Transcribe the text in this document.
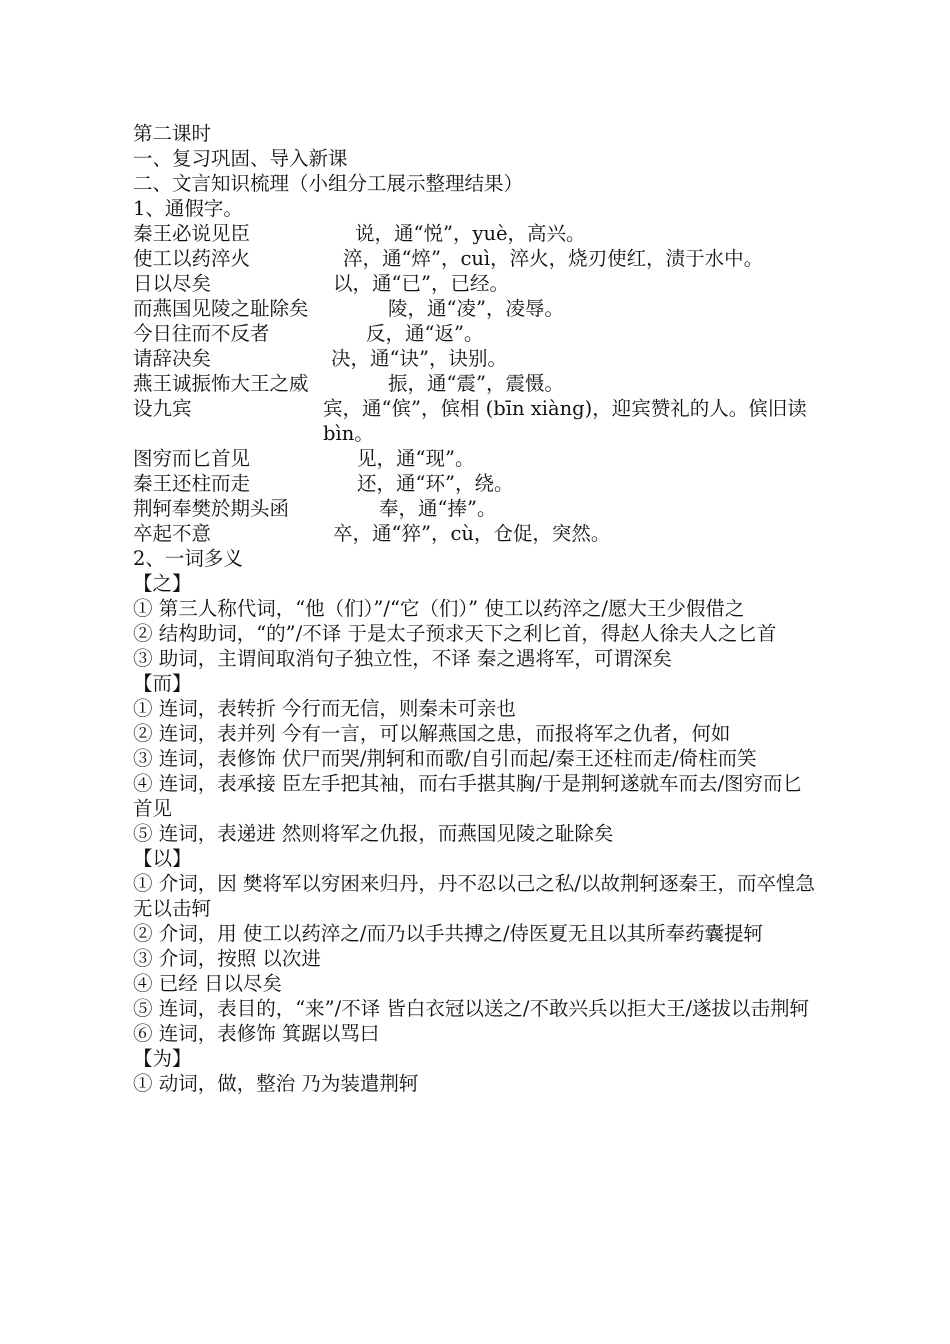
第二课时
一、复习巩固、导入新课
二、文言知识梳理（小组分工展示整理结果）
1、通假字。
秦王必说见臣	说，通“悦”，yuè，高兴。
使工以药淬火	淬，通“焠”，cuì，淬火，烧刃使红，渍于水中。
日以尽矣	以，通“已”，已经。
而燕国见陵之耻除矣	陵，通“凌”，凌辱。
今日往而不反者	反，通“返”。
请辞决矣	决，通“诀”，诀别。
燕王诚振怖大王之威	振，通“震”，震慑。
设九宾	宾，通“傧”，傧相 (bīn xiàng)，迎宾赞礼的人。傧旧读 bìn。
图穷而匕首见	见，通“现”。
秦王还柱而走	还，通“环”，绕。
荆轲奉樊於期头函	奉，通“捧”。
卒起不意	卒，通“猝”，cù，仓促，突然。
2、一词多义
【之】
① 第三人称代词，“他（们）”/“它（们）” 使工以药淬之/愿大王少假借之
② 结构助词，“的”/不译 于是太子预求天下之利匕首，得赵人徐夫人之匕首
③ 助词，主谓间取消句子独立性，不译 秦之遇将军，可谓深矣
【而】
① 连词，表转折 今行而无信，则秦未可亲也
② 连词，表并列 今有一言，可以解燕国之患，而报将军之仇者，何如
③ 连词，表修饰 伏尸而哭/荆轲和而歌/自引而起/秦王还柱而走/倚柱而笑
④ 连词，表承接 臣左手把其袖，而右手揕其胸/于是荆轲遂就车而去/图穷而匕首见
⑤ 连词，表递进 然则将军之仇报，而燕国见陵之耻除矣
【以】
① 介词，因 樊将军以穷困来归丹，丹不忍以己之私/以故荆轲逐秦王，而卒惶急无以击轲
② 介词，用 使工以药淬之/而乃以手共搏之/侍医夏无且以其所奉药囊提轲
③ 介词，按照 以次进
④ 已经 日以尽矣
⑤ 连词，表目的，“来”/不译 皆白衣冠以送之/不敢兴兵以拒大王/遂拔以击荆轲
⑥ 连词，表修饰 箕踞以骂曰
【为】
① 动词，做，整治 乃为装遣荆轲
